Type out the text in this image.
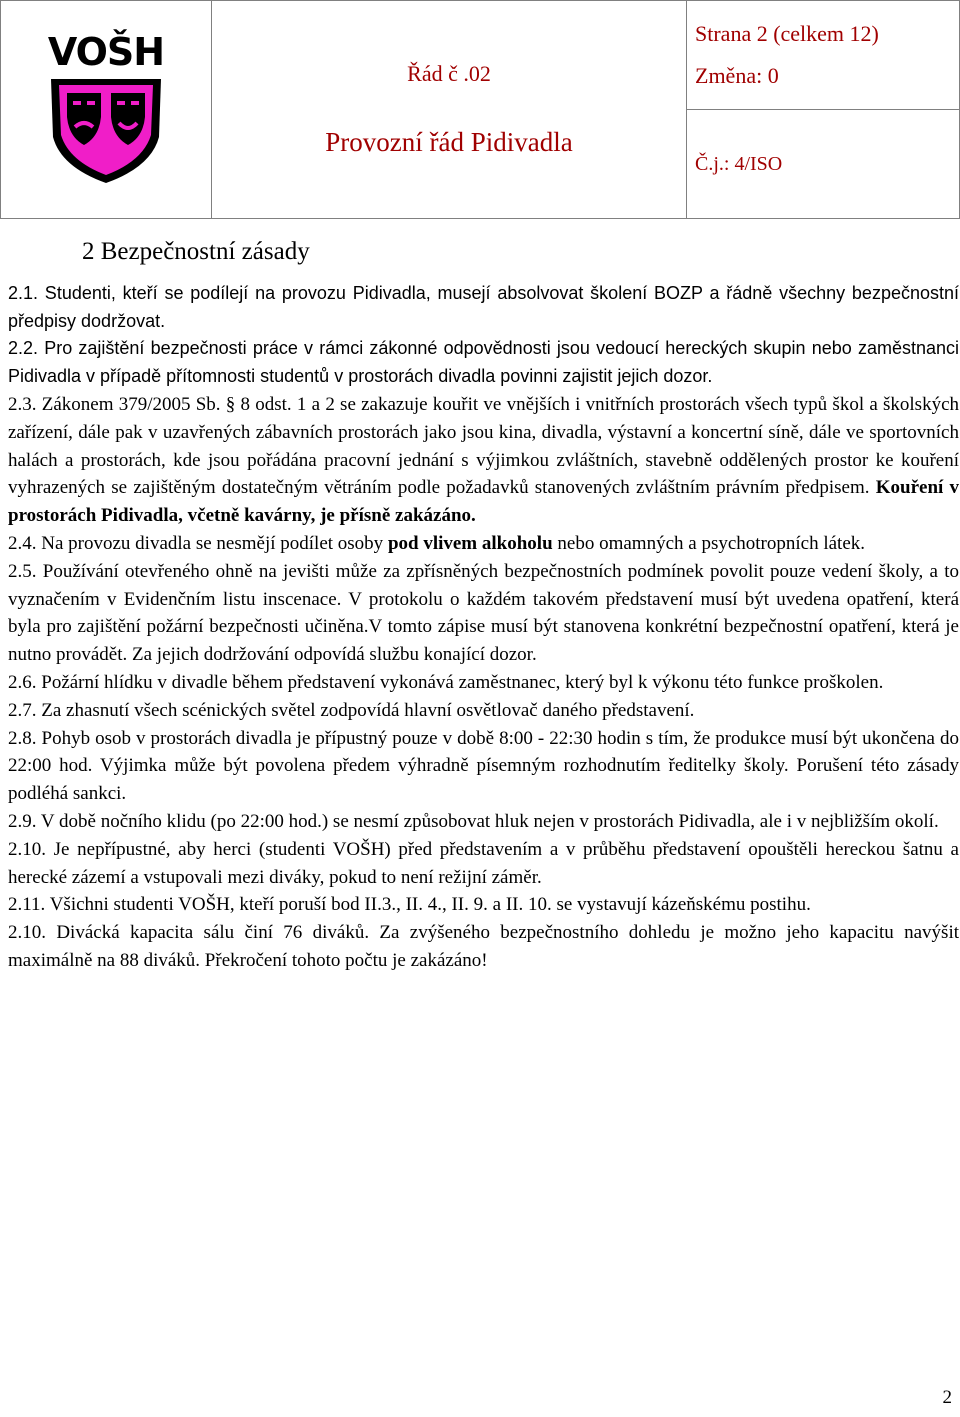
VOŠH	Řád č .02
Provozní řád Pidivadla
	Strana 2 (celkem 12)
Změna: 0
Č.j.: 4/ISO
2 Bezpečnostní zásady

2.1. Studenti, kteří se podílejí na provozu Pidivadla, musejí absolvovat školení BOZP a řádně všechny bezpečnostní předpisy dodržovat.

2.2. Pro zajištění bezpečnosti práce v rámci zákonné odpovědnosti jsou vedoucí hereckých skupin nebo zaměstnanci Pidivadla v případě přítomnosti studentů v prostorách divadla povinni zajistit jejich dozor.

2.3. Zákonem 379/2005 Sb. § 8 odst. 1 a 2 se zakazuje kouřit ve vnějších i vnitřních prostorách všech typů škol a školských zařízení, dále pak v uzavřených zábavních prostorách jako jsou kina, divadla, výstavní a koncertní síně, dále ve sportovních halách a prostorách, kde jsou pořádána pracovní jednání s výjimkou zvláštních, stavebně oddělených prostor ke kouření vyhrazených se zajištěným dostatečným větráním podle požadavků stanovených zvláštním právním předpisem. Kouření v prostorách Pidivadla, včetně kavárny, je přísně zakázáno.

2.4. Na provozu divadla se nesmějí podílet osoby pod vlivem alkoholu nebo omamných a psychotropních látek.

2.5. Používání otevřeného ohně na jevišti může za zpřísněných bezpečnostních podmínek povolit pouze vedení školy, a to vyznačením v Evidenčním listu inscenace. V protokolu o každém takovém představení musí být uvedena opatření, která byla pro zajištění požární bezpečnosti učiněna.V tomto zápise musí být stanovena konkrétní bezpečnostní opatření, která je nutno provádět. Za jejich dodržování odpovídá službu konající dozor.

2.6. Požární hlídku v divadle během představení vykonává zaměstnanec, který byl k výkonu této funkce proškolen.

2.7. Za zhasnutí všech scénických světel zodpovídá hlavní osvětlovač daného představení.

2.8. Pohyb osob v prostorách divadla je přípustný pouze v době 8:00 - 22:30 hodin s tím, že produkce musí být ukončena do 22:00 hod. Výjimka může být povolena předem výhradně písemným rozhodnutím ředitelky školy. Porušení této zásady podléhá sankci.

2.9. V době nočního klidu (po 22:00 hod.) se nesmí způsobovat hluk nejen v prostorách Pidivadla, ale i v nejbližším okolí.

2.10. Je nepřípustné, aby herci (studenti VOŠH) před představením a v průběhu představení opouštěli hereckou šatnu a herecké zázemí a vstupovali mezi diváky, pokud to není režijní záměr.

2.11. Všichni studenti VOŠH, kteří poruší bod II.3., II. 4., II. 9. a II. 10. se vystavují kázeňskému postihu.

2.10. Divácká kapacita sálu činí 76 diváků. Za zvýšeného bezpečnostního dohledu je možno jeho kapacitu navýšit maximálně na 88 diváků. Překročení tohoto počtu je zakázáno!

2
